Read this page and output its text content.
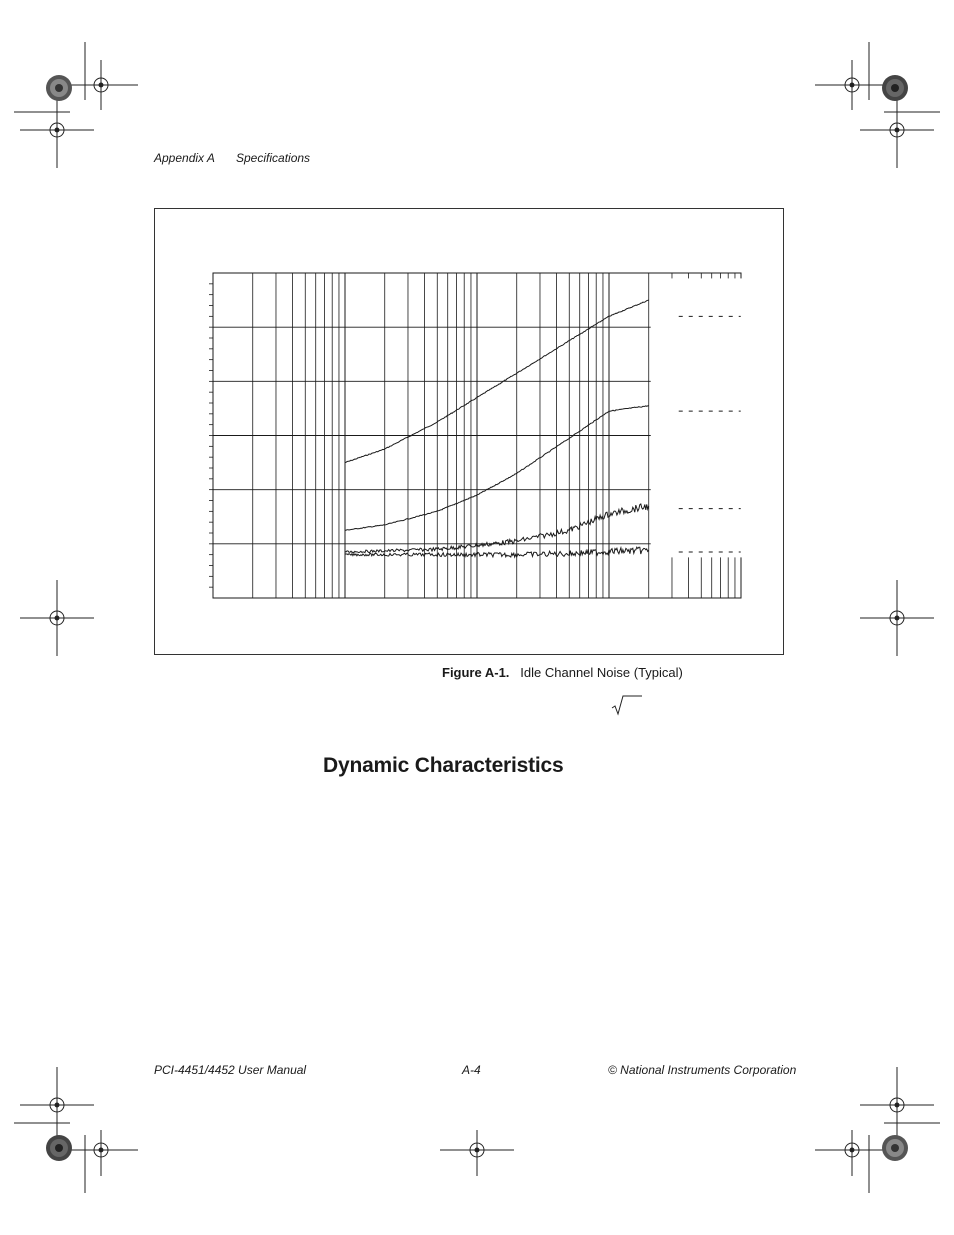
Appendix A Specifications
Figure A-1. Idle Channel Noise (Typical)
Dynamic Characteristics
PCI-4451/4452 User Manual	A-4	© National Instruments Corporation
